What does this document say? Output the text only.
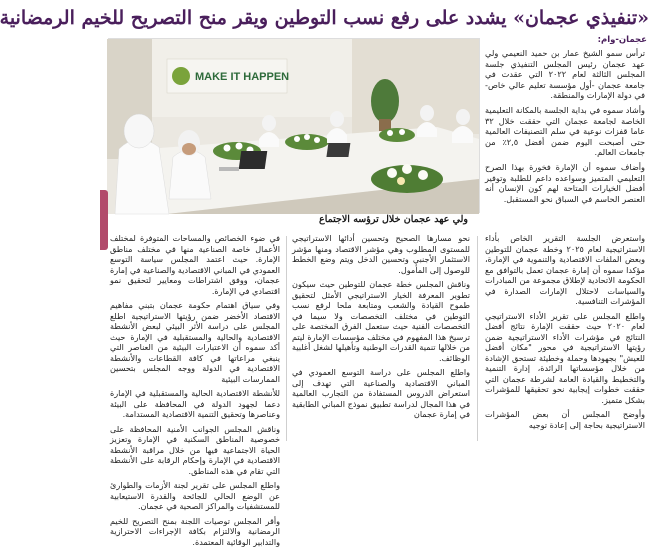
«تنفيذي عجمان» يشدد على رفع نسب التوطين ويقر منح التصريح للخيم الرمضانية
عجمان-وام:
MAKE IT HAPPEN
ولي عهد عجمان خلال ترؤسه الاجتماع

ترأس سمو الشيخ عمار بن حميد النعيمي ولي عهد عجمان رئيس المجلس التنفيذي جلسة المجلس الثالثة لعام ٢٠٢٢ التي عقدت في جامعة عجمان -أول مؤسسة تعليم عالي خاص- في دولة الإمارات والمنطقة.

وأشاد سموه في بداية الجلسة بالمكانة التعليمية الخاصة لجامعة عجمان التي حققت خلال ٣٢ عاما قفزات نوعية في سلم التصنيفات العالمية حتى أصبحت اليوم ضمن أفضل ٢,٥٪ من جامعات العالم.

وأضاف سموه أن الإمارة فخورة بهذا الصرح التعليمي المتميز وسواعده داعم للطلبة وتوفير أفضل الخيارات المتاحة لهم كون الإنسان أنه العنصر الحاسم في السباق نحو المستقبل.

واستعرض الجلسة التقرير الخاص بأداء الاستراتيجية لعام ٢٠٢٥ وخطة عجمان للتوطين وبعض الملفات الاقتصادية والتنموية في الإمارة، مؤكدا سموه أن إمارة عجمان تعمل بالتوافق مع الحكومة الاتحادية لإطلاق مجموعة من المبادرات والسياسات لاحتلال الإمارات الصدارة في المؤشرات التنافسية.

واطلع المجلس على تقرير الأداء الاستراتيجي لعام ٢٠٢٠ حيث حققت الإمارة نتائج أفضل النتائج في مؤشرات الأداء الاستراتيجية ضمن رؤيتها الاستراتيجية في محور "مكان أفضل للعيش" بجهودها وحملة وخطيئة تستحق الإشادة من خلال مؤسساتها الرائدة، إدارة التنمية والتخطيط والقيادة العامة لشرطة عجمان التي حققت خطوات إيجابية نحو تحقيقها للمؤشرات بشكل متميز.

وأوضح المجلس أن بعض المؤشرات الاستراتيجية بحاجة إلى إعادة توجيه

نحو مسارها الصحيح وتحسين أدائها الاستراتيجي للمستوى المطلوب وهي مؤشر الاقتصاد ومنها مؤشر الاستثمار الأجنبي وتحسين الدخل ويتم وضع الخطط للوصول إلى المأمول.

وناقش المجلس خطة عجمان للتوطين حيث سيكون تطوير المعرفة الخيار الاستراتيجي الأمثل لتحقيق طموح القيادة والشعب ومتابعة ملحا لرفع نسب التوطين في مختلف التخصصات ولا سيما في التخصصات الفنية حيث ستعمل الفرق المختصة على ترسيخ هذا المفهوم في مختلف مؤسسات الإمارة ليتم من خلالها تنمية القدرات الوطنية وتأهيلها لشغل أغلبية الوظائف.

واطلع المجلس على دراسة التوسع العمودي في المباني الاقتصادية والصناعية التي تهدف إلى استعراض الدروس المستفادة من التجارب العالمية في هذا المجال لدراسة تطبيق نموذج المباني الطابقية في إمارة عجمان

في ضوء الخصائص والمساحات المتوفرة لمختلف الأعمال خاصة الصناعية منها في مختلف مناطق الإمارة. حيث اعتمد المجلس سياسة التوسع العمودي في المباني الاقتصادية والصناعية في إمارة عجمان، ووفق اشتراطات ومعايير لتحقيق نمو اقتصادي في الإمارة.

وفي سياق اهتمام حكومة عجمان بتبني مفاهيم الاقتصاد الأخضر ضمن رؤيتها الاستراتيجية اطلع المجلس على دراسة الأثر البيئي لبعض الأنشطة الاقتصادية والحالية والمستقبلية في الإمارة حيث أكد سموه أن الاعتبارات البيئية من العناصر التي ينبغي مراعاتها في كافة القطاعات والأنشطة الاقتصادية في الدولة ووجه المجلس بتحسين الممارسات البيئية

للأنشطة الاقتصادية الحالية والمستقبلية في الإمارة دعما لجهود الدولة في المحافظة على البيئة وعناصرها وتحقيق التنمية الاقتصادية المستدامة.

وناقش المجلس الجوانب الأمنية المحافظة على خصوصية المناطق السكنية في الإمارة وتعزيز الحياة الاجتماعية فيها من خلال مراقبة الأنشطة الاقتصادية في الإمارة وإحكام الرقابة على الأنشطة التي تقام في هذه المناطق.

واطلع المجلس على تقرير لجنة الأزمات والطوارئ عن الوضع الحالي للجائحة والقدرة الاستيعابية للمستشفيات والمراكز الصحية في عجمان.

وأقر المجلس توصيات اللجنة بمنح التصريح للخيم الرمضانية والالتزام بكافة الإجراءات الاحترازية والتدابير الوقائية المعتمدة.
